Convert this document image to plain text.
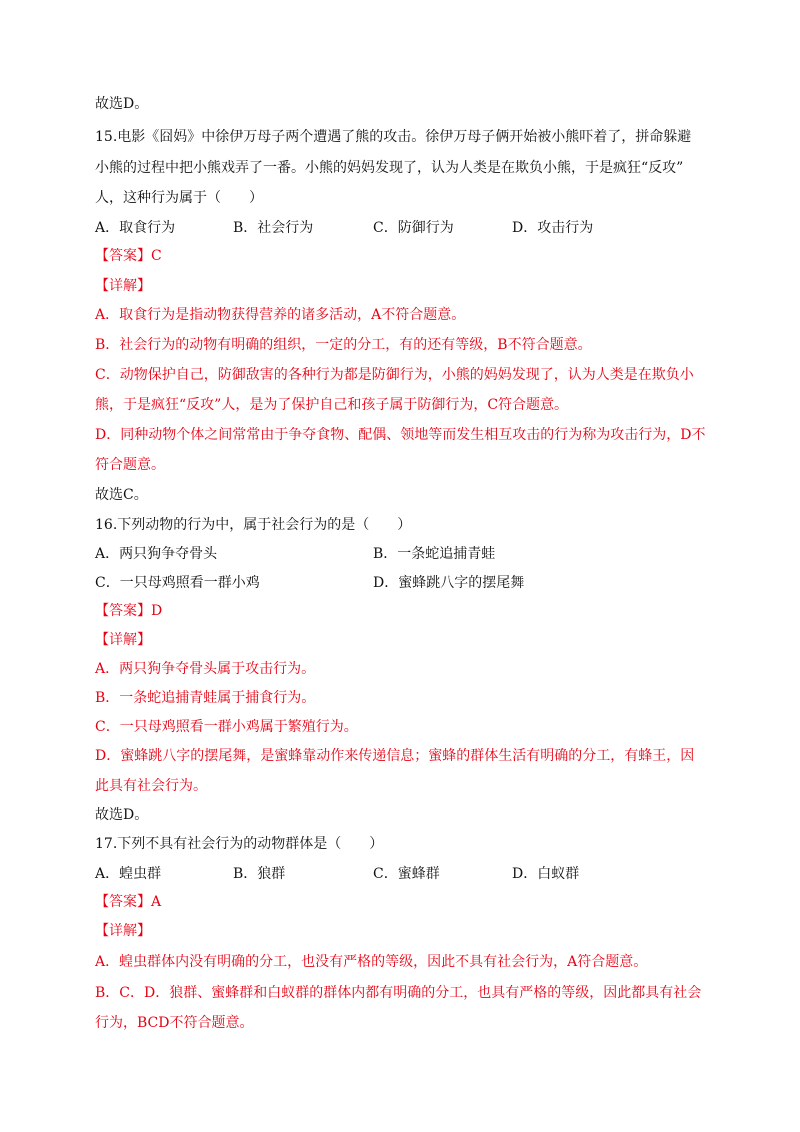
故选D。
15.电影《囧妈》中徐伊万母子两个遭遇了熊的攻击。徐伊万母子俩开始被小熊吓着了，拼命躲避
小熊的过程中把小熊戏弄了一番。小熊的妈妈发现了，认为人类是在欺负小熊，于是疯狂“反攻”
人，这种行为属于（　　）
A．取食行为	B．社会行为	C．防御行为	D．攻击行为
【答案】C
【详解】
A．取食行为是指动物获得营养的诸多活动，A不符合题意。
B．社会行为的动物有明确的组织，一定的分工，有的还有等级，B不符合题意。
C．动物保护自己，防御敌害的各种行为都是防御行为，小熊的妈妈发现了，认为人类是在欺负小
熊，于是疯狂“反攻”人，是为了保护自己和孩子属于防御行为，C符合题意。
D．同种动物个体之间常常由于争夺食物、配偶、领地等而发生相互攻击的行为称为攻击行为，D不
符合题意。
故选C。
16.下列动物的行为中，属于社会行为的是（　　）
A．两只狗争夺骨头	B．一条蛇追捕青蛙
C．一只母鸡照看一群小鸡	D．蜜蜂跳八字的摆尾舞
【答案】D
【详解】
A．两只狗争夺骨头属于攻击行为。
B．一条蛇追捕青蛙属于捕食行为。
C．一只母鸡照看一群小鸡属于繁殖行为。
D．蜜蜂跳八字的摆尾舞，是蜜蜂靠动作来传递信息；蜜蜂的群体生活有明确的分工，有蜂王，因
此具有社会行为。
故选D。
17.下列不具有社会行为的动物群体是（　　）
A．蝗虫群	B．狼群	C．蜜蜂群	D．白蚁群
【答案】A
【详解】
A．蝗虫群体内没有明确的分工，也没有严格的等级，因此不具有社会行为，A符合题意。
B．C．D．狼群、蜜蜂群和白蚁群的群体内都有明确的分工，也具有严格的等级，因此都具有社会
行为，BCD不符合题意。
